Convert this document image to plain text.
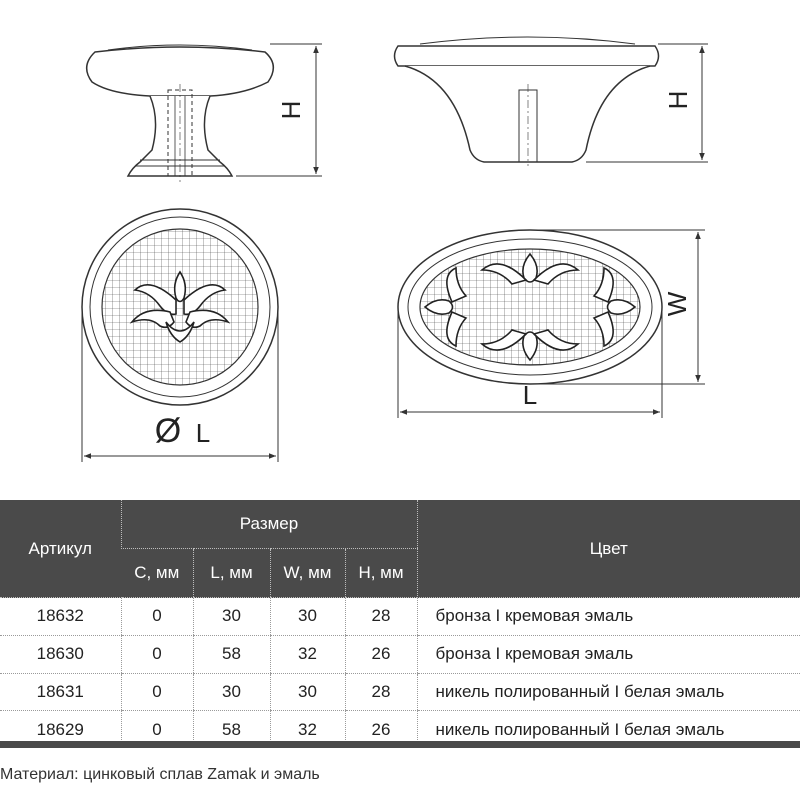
H
H
Ø L
W
L
Артикул	Размер				Цвет
	C, мм	L, мм	W, мм	H, мм	
18632	0	30	30	28	бронза I кремовая эмаль
18630	0	58	32	26	бронза I кремовая эмаль
18631	0	30	30	28	никель полированный I белая эмаль
18629	0	58	32	26	никель полированный I белая эмаль
Материал: цинковый сплав Zamak и эмаль
